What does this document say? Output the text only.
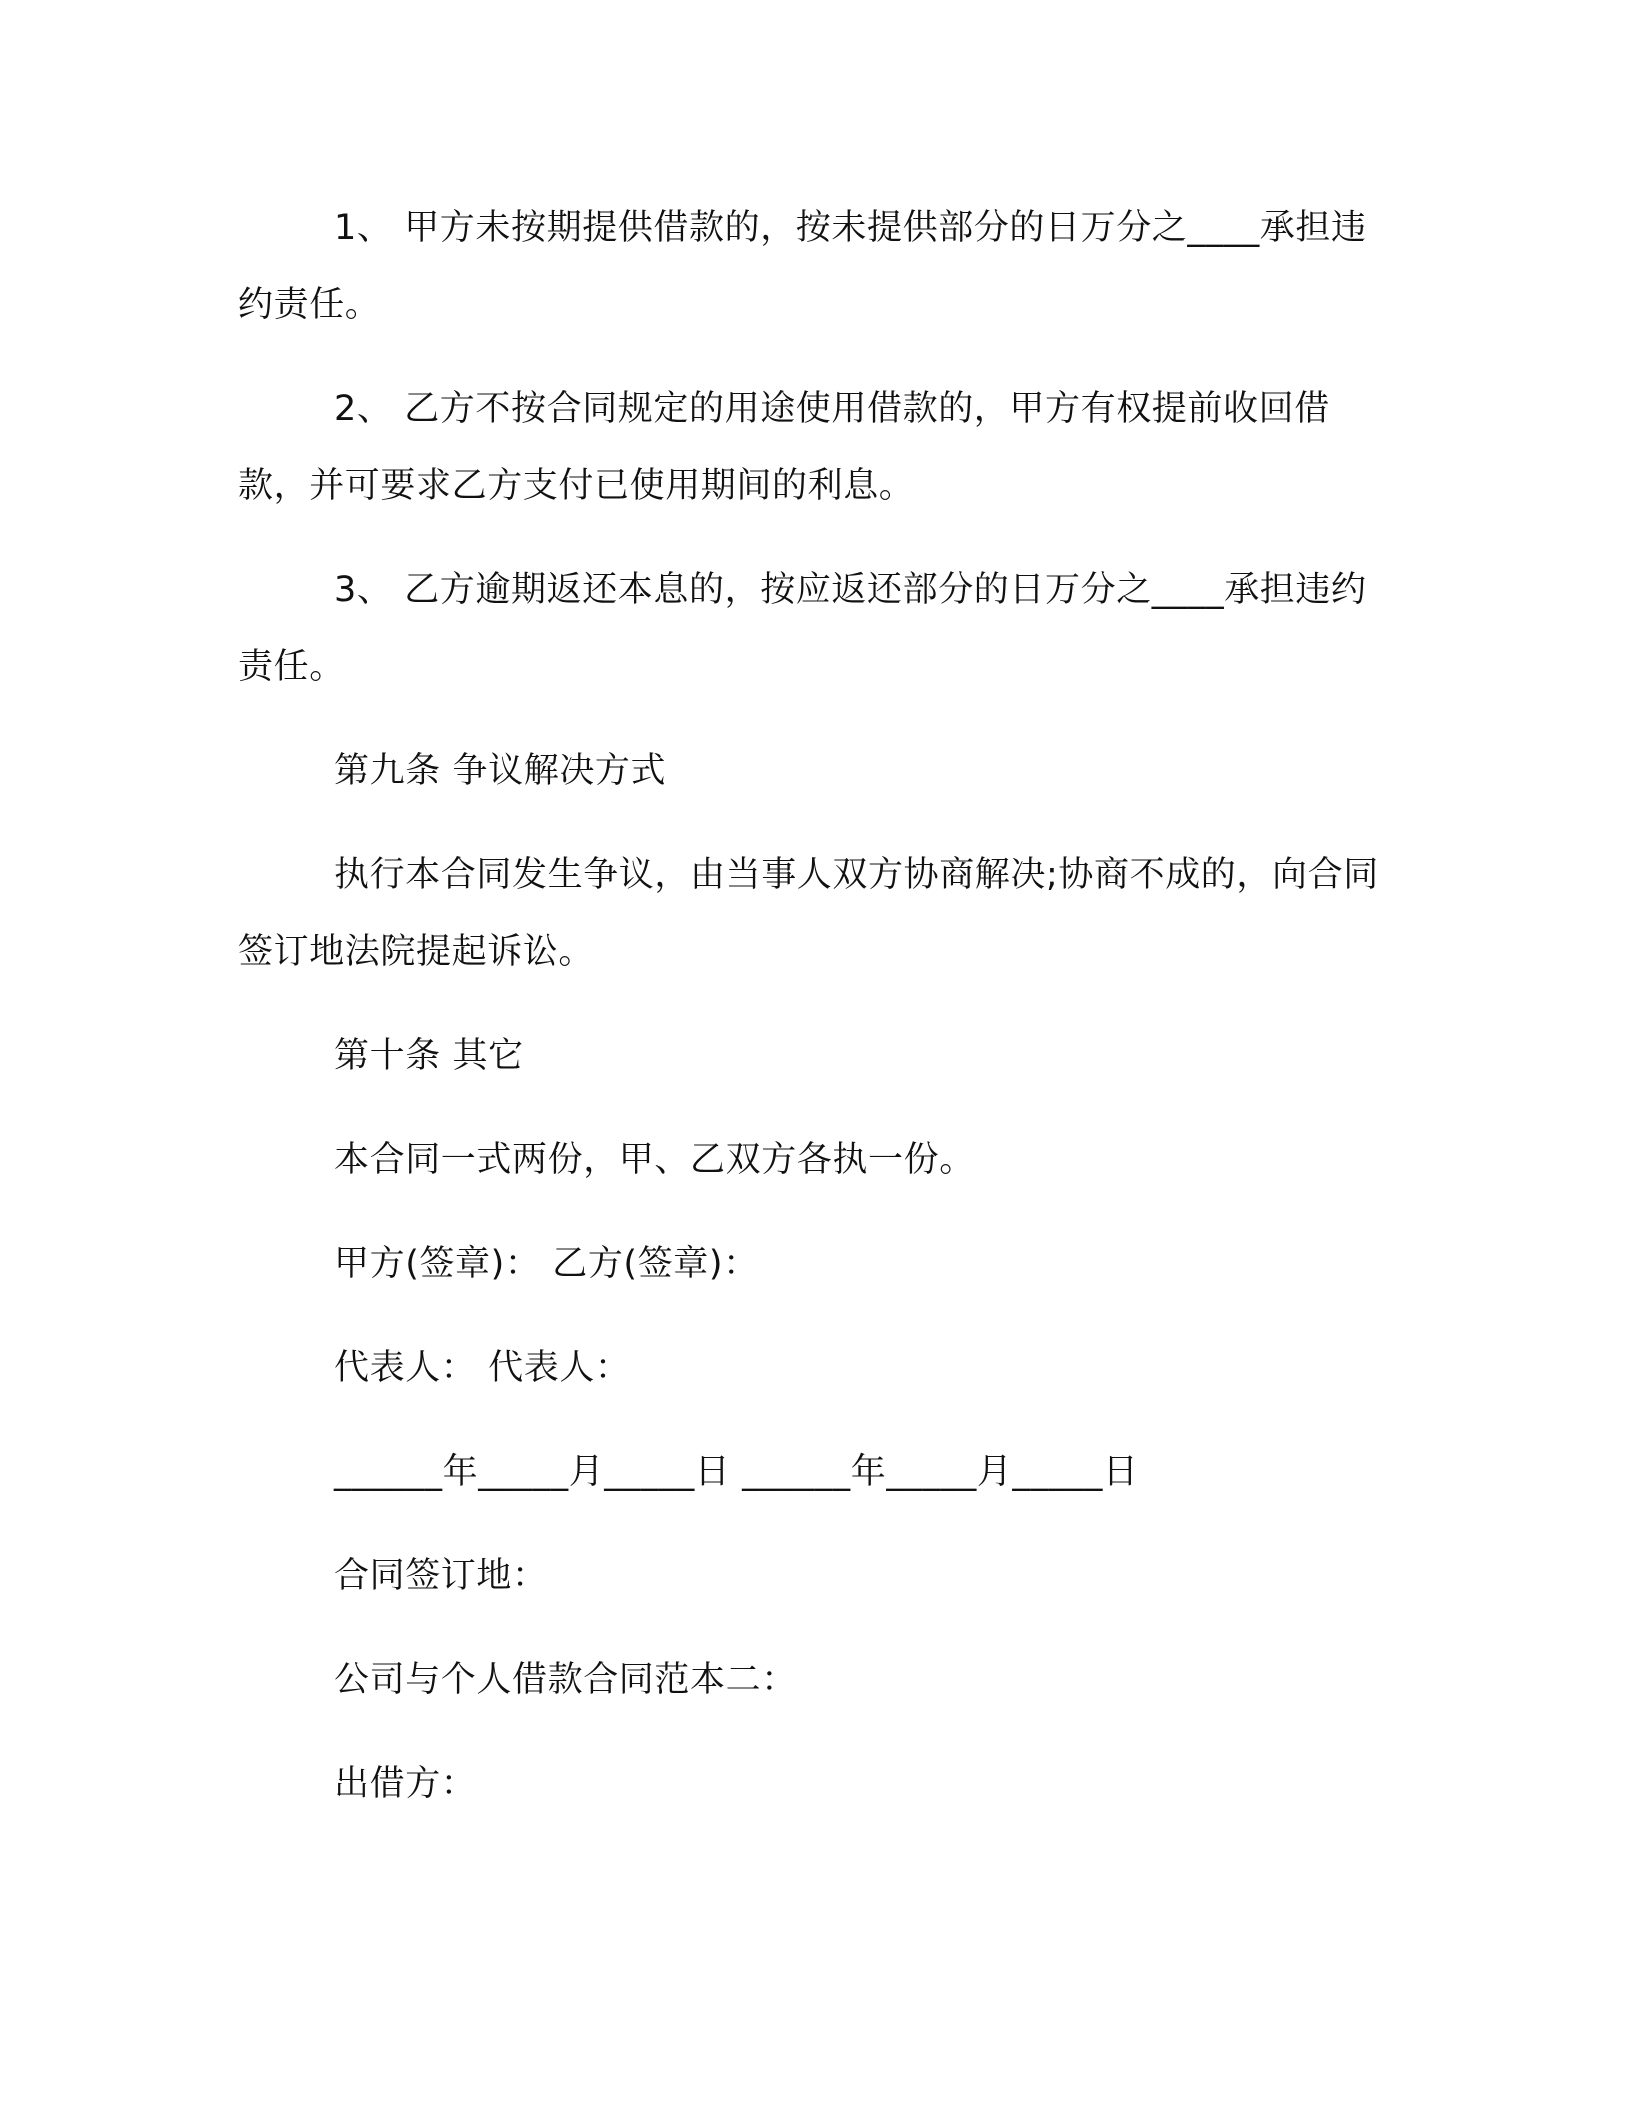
1、 甲方未按期提供借款的，按未提供部分的日万分之____承担违约责任。

2、 乙方不按合同规定的用途使用借款的，甲方有权提前收回借款，并可要求乙方支付已使用期间的利息。

3、 乙方逾期返还本息的，按应返还部分的日万分之____承担违约责任。

第九条 争议解决方式

执行本合同发生争议，由当事人双方协商解决;协商不成的，向合同签订地法院提起诉讼。

第十条 其它

本合同一式两份，甲、乙双方各执一份。

甲方(签章)： 乙方(签章)：

代表人： 代表人：

______年_____月_____日 ______年_____月_____日

合同签订地：

公司与个人借款合同范本二：

出借方：
